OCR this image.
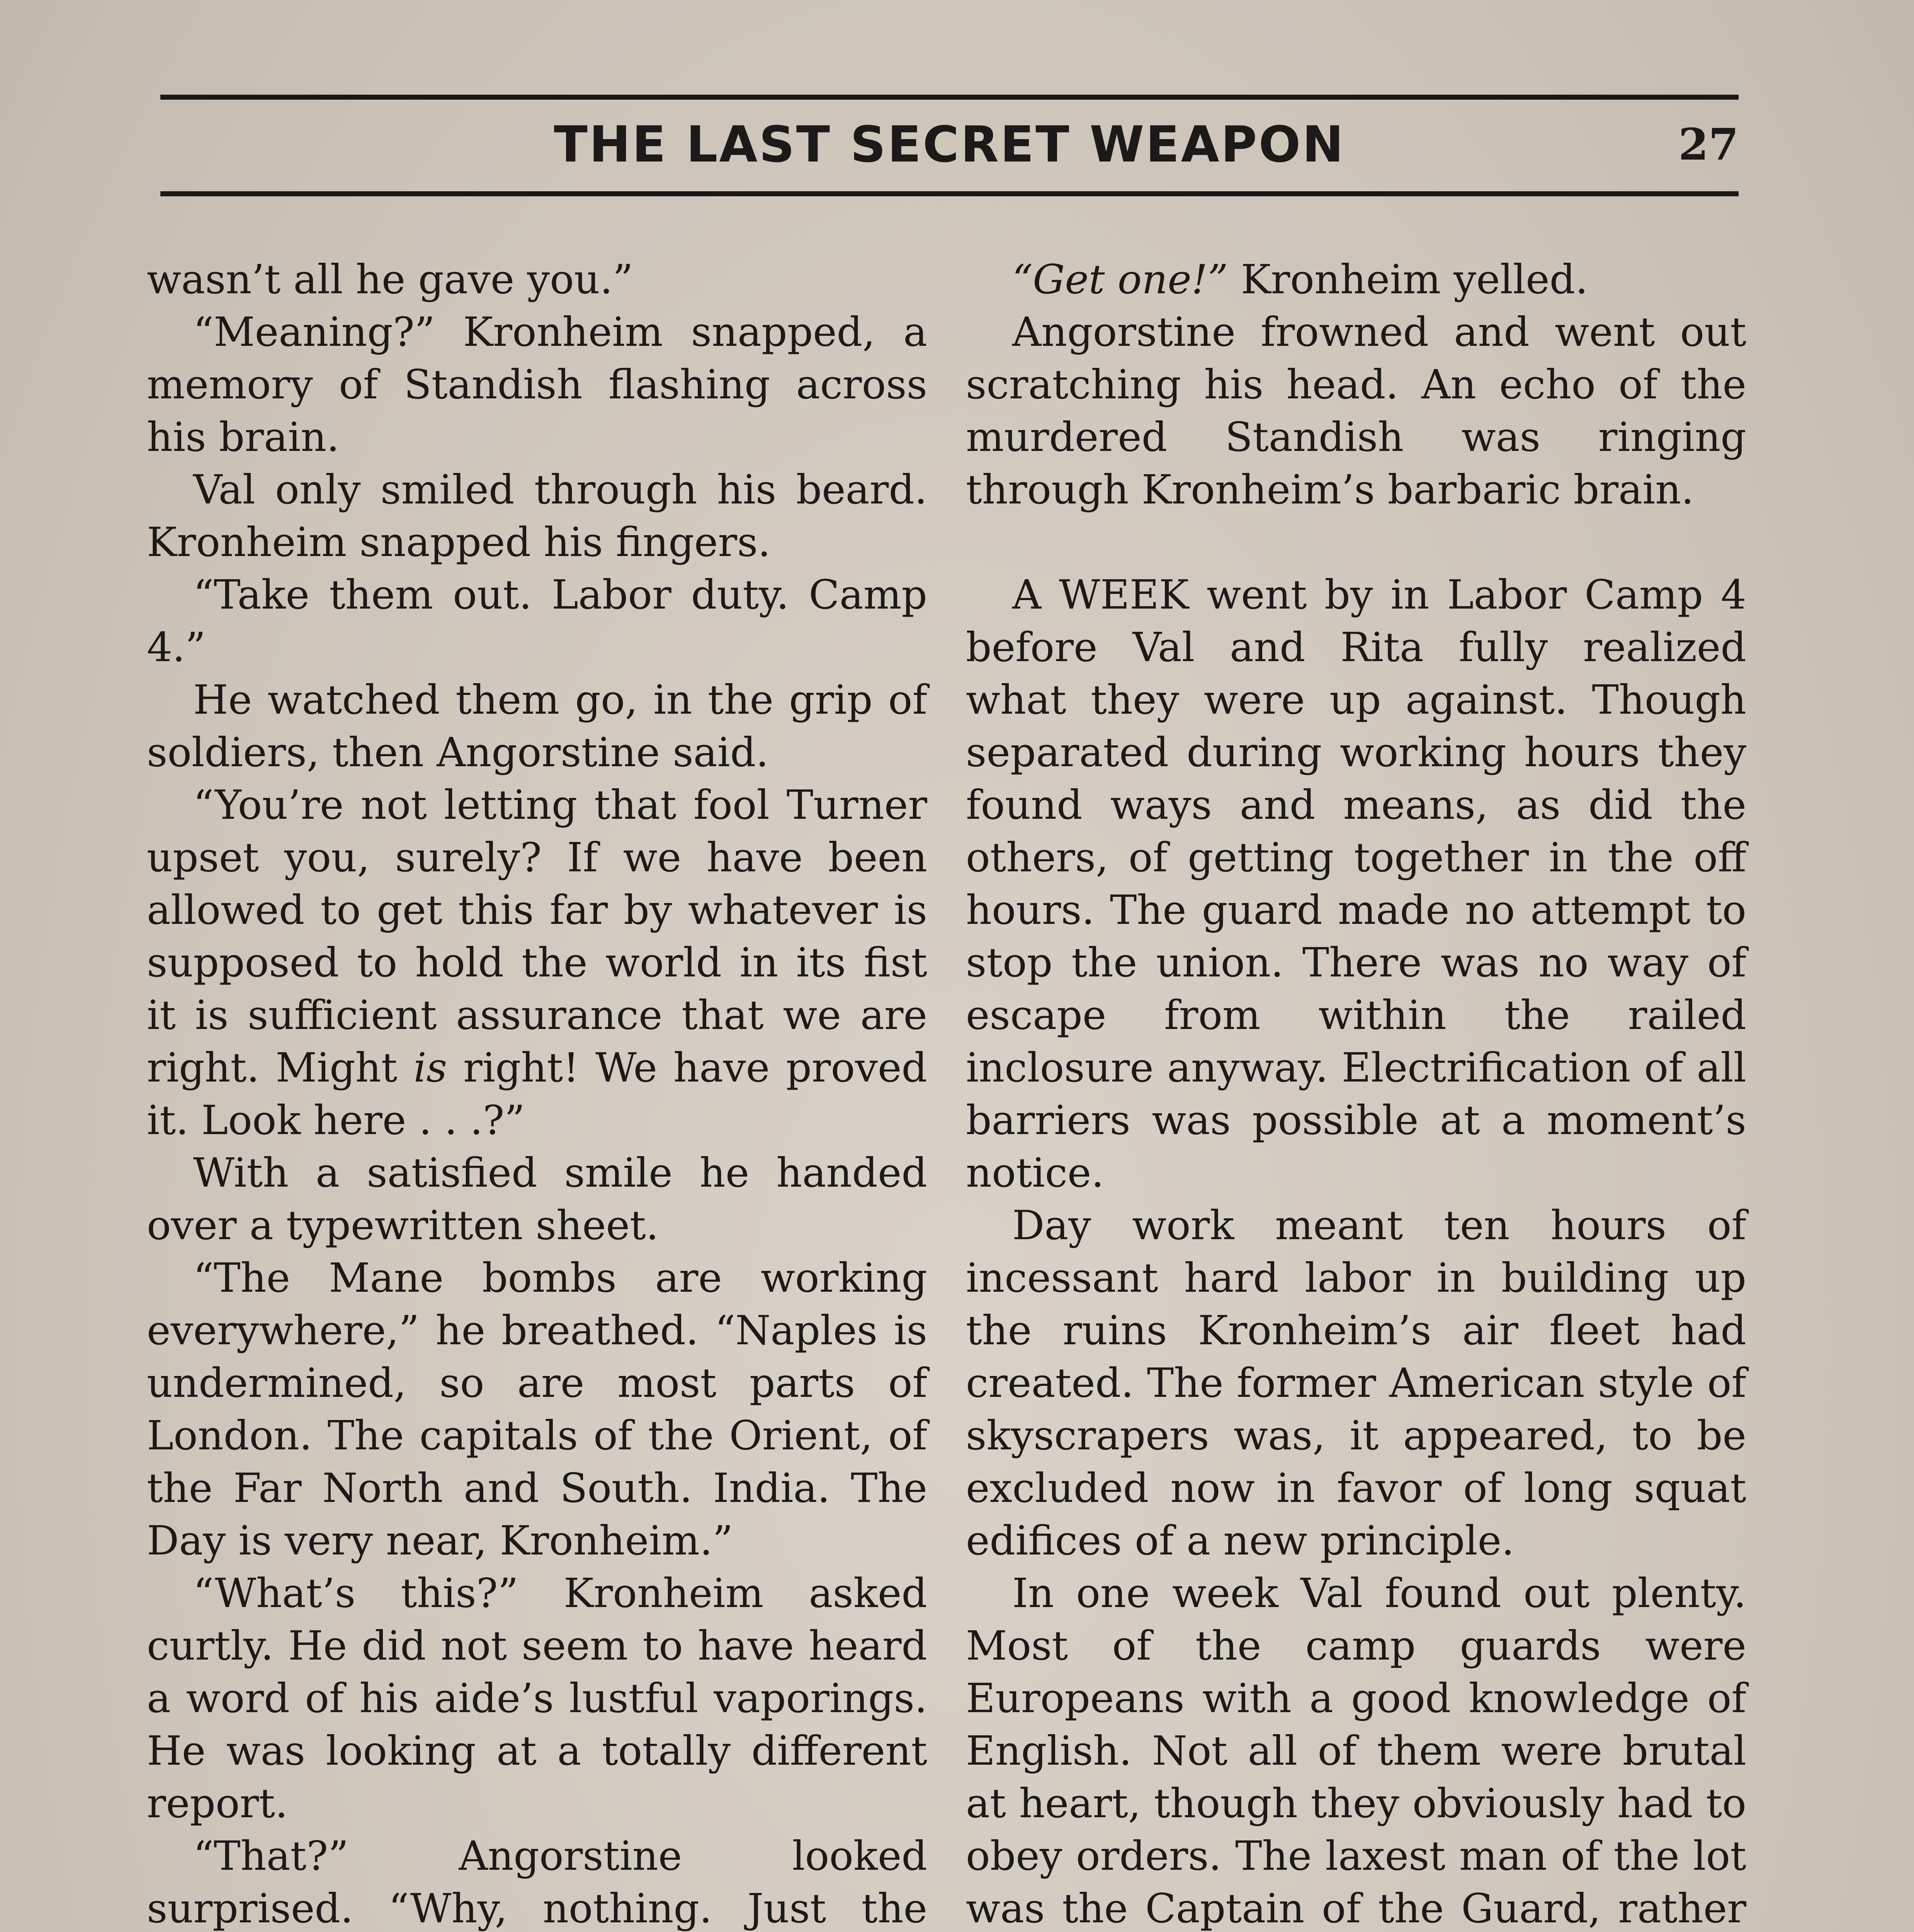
THE LAST SECRET WEAPON	27

wasn’t all he gave you.”

“Meaning?” Kronheim snapped, a memory of Standish flashing across his brain.

Val only smiled through his beard. Kronheim snapped his fingers.

“Take them out. Labor duty. Camp 4.”

He watched them go, in the grip of soldiers, then Angorstine said.

“You’re not letting that fool Turner upset you, surely? If we have been allowed to get this far by whatever is supposed to hold the world in its fist it is sufficient assurance that we are right. Might is right! We have proved it. Look here . . .?”

With a satisfied smile he handed over a typewritten sheet.

“The Mane bombs are working everywhere,” he breathed. “Naples is undermined, so are most parts of London. The capitals of the Orient, of the Far North and South. India. The Day is very near, Kronheim.”

“What’s this?” Kronheim asked curtly. He did not seem to have heard a word of his aide’s lustful vaporings. He was looking at a totally different report.

“That?” Angorstine looked surprised. “Why, nothing. Just the

“Get one!” Kronheim yelled.

Angorstine frowned and went out scratching his head. An echo of the murdered Standish was ringing through Kronheim’s barbaric brain.

A WEEK went by in Labor Camp 4 before Val and Rita fully realized what they were up against. Though separated during working hours they found ways and means, as did the others, of getting together in the off hours. The guard made no attempt to stop the union. There was no way of escape from within the railed inclosure anyway. Electrification of all barriers was possible at a moment’s notice.

Day work meant ten hours of incessant hard labor in building up the ruins Kronheim’s air fleet had created. The former American style of skyscrapers was, it appeared, to be excluded now in favor of long squat edifices of a new principle.

In one week Val found out plenty. Most of the camp guards were Europeans with a good knowledge of English. Not all of them were brutal at heart, though they obviously had to obey orders. The laxest man of the lot was the Captain of the Guard, rather
